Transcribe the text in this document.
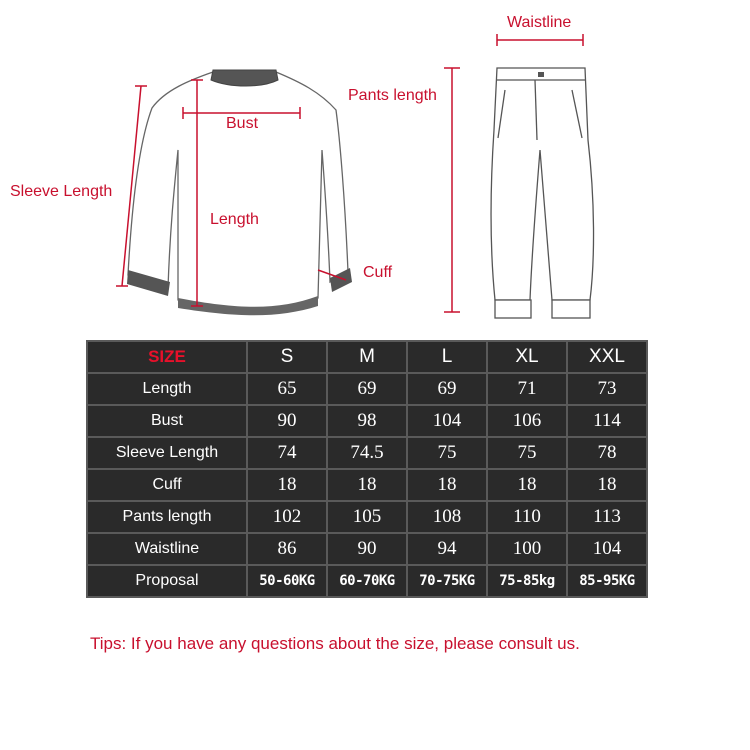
Waistline
Pants length
Bust
Sleeve Length
Length
Cuff
SIZE	S	M	L	XL	XXL
Length	65	69	69	71	73
Bust	90	98	104	106	114
Sleeve Length	74	74.5	75	75	78
Cuff	18	18	18	18	18
Pants length	102	105	108	110	113
Waistline	86	90	94	100	104
Proposal	50-60KG	60-70KG	70-75KG	75-85kg	85-95KG
Tips: If you have any questions about the size, please consult us.
